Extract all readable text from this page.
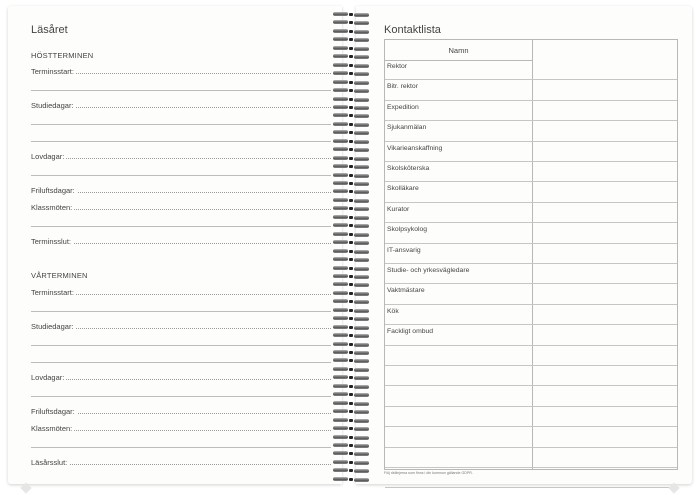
Läsåret
HÖSTTERMINEN
Terminsstart:
Studiedagar:
Lovdagar:
Friluftsdagar:
Klassmöten:
Terminsslut:
VÅRTERMINEN
Terminsstart:
Studiedagar:
Lovdagar:
Friluftsdagar:
Klassmöten:
Läsårsslut:
Kontaktlista
Namn
Rektor
Bitr. rektor
Expedition
Sjukanmälan
Vikarieanskaffning
Skolsköterska
Skolläkare
Kurator
Skolpsykolog
IT-ansvarig
Studie- och yrkesvägledare
Vaktmästare
Kök
Fackligt ombud
Följ riktlinjerna som finns i din kommun gällande GDPR.
